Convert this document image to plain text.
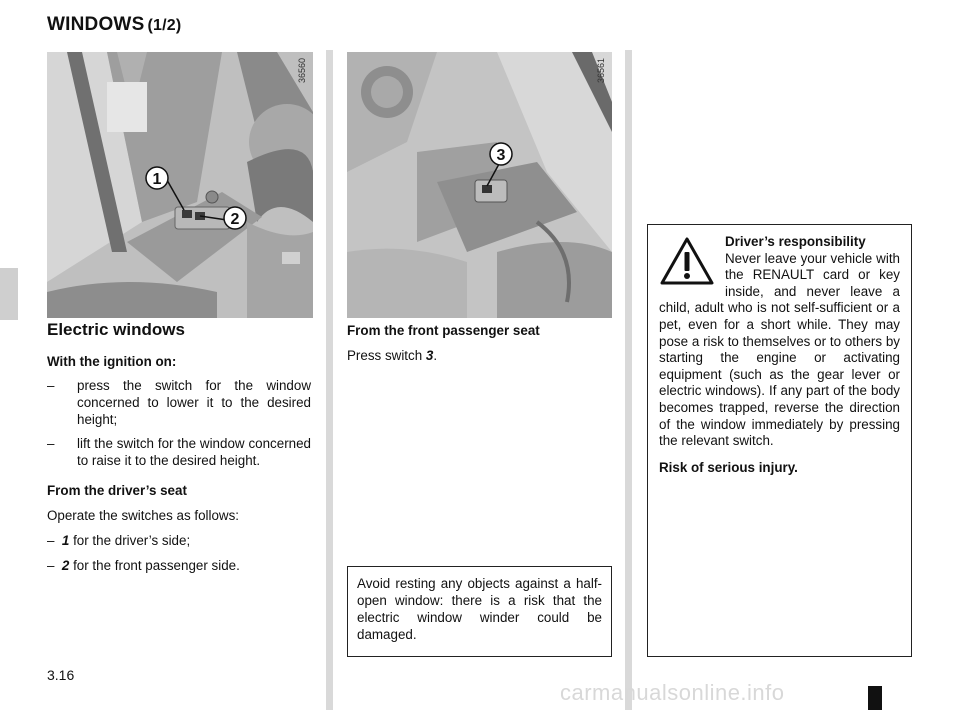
WINDOWS (1/2)
1
2
36560
3
36561
Electric windows

With the ignition on:

– press the switch for the window concerned to lower it to the desired height;
– lift the switch for the window concerned to raise it to the desired height.

From the driver’s seat

Operate the switches as follows:

– 1 for the driver’s side;

– 2 for the front passenger side.

From the front passenger seat

Press switch 3.

Avoid resting any objects against a half-open window: there is a risk that the electric window winder could be damaged.

Driver’s responsibility

Never leave your vehicle with the RENAULT card or key inside, and never leave a child, adult who is not self-sufficient or a pet, even for a short while. They may pose a risk to themselves or to others by starting the engine or activating equipment (such as the gear lever or electric windows). If any part of the body becomes trapped, reverse the direction of the window immediately by pressing the relevant switch.

Risk of serious injury.

3.16
carmanualsonline.info
